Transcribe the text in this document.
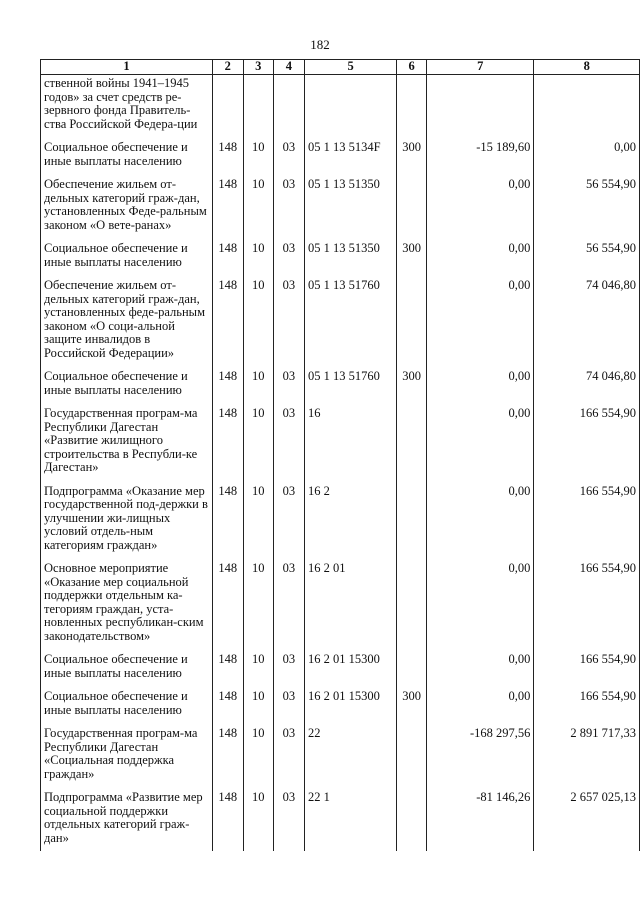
182
1	2	3	4	5	6	7	8
ственной войны 1941–1945 годов» за счет средств ре-зервного фонда Правитель-ства Российской Федера-ции							
Социальное обеспечение и иные выплаты населению	148	10	03	05 1 13 5134F	300	-15 189,60	0,00
Обеспечение жильем от-дельных категорий граж-дан, установленных Феде-ральным законом «О вете-ранах»	148	10	03	05 1 13 51350		0,00	56 554,90
Социальное обеспечение и иные выплаты населению	148	10	03	05 1 13 51350	300	0,00	56 554,90
Обеспечение жильем от-дельных категорий граж-дан, установленных феде-ральным законом «О соци-альной защите инвалидов в Российской Федерации»	148	10	03	05 1 13 51760		0,00	74 046,80
Социальное обеспечение и иные выплаты населению	148	10	03	05 1 13 51760	300	0,00	74 046,80
Государственная програм-ма Республики Дагестан «Развитие жилищного строительства в Республи-ке Дагестан»	148	10	03	16		0,00	166 554,90
Подпрограмма «Оказание мер государственной под-держки в улучшении жи-лищных условий отдель-ным категориям граждан»	148	10	03	16 2		0,00	166 554,90
Основное мероприятие «Оказание мер социальной поддержки отдельным ка-тегориям граждан, уста-новленных республикан-ским законодательством»	148	10	03	16 2 01		0,00	166 554,90
Социальное обеспечение и иные выплаты населению	148	10	03	16 2 01 15300		0,00	166 554,90
Социальное обеспечение и иные выплаты населению	148	10	03	16 2 01 15300	300	0,00	166 554,90
Государственная програм-ма Республики Дагестан «Социальная поддержка граждан»	148	10	03	22		-168 297,56	2 891 717,33
Подпрограмма «Развитие мер социальной поддержки отдельных категорий граж-дан»	148	10	03	22 1		-81 146,26	2 657 025,13
